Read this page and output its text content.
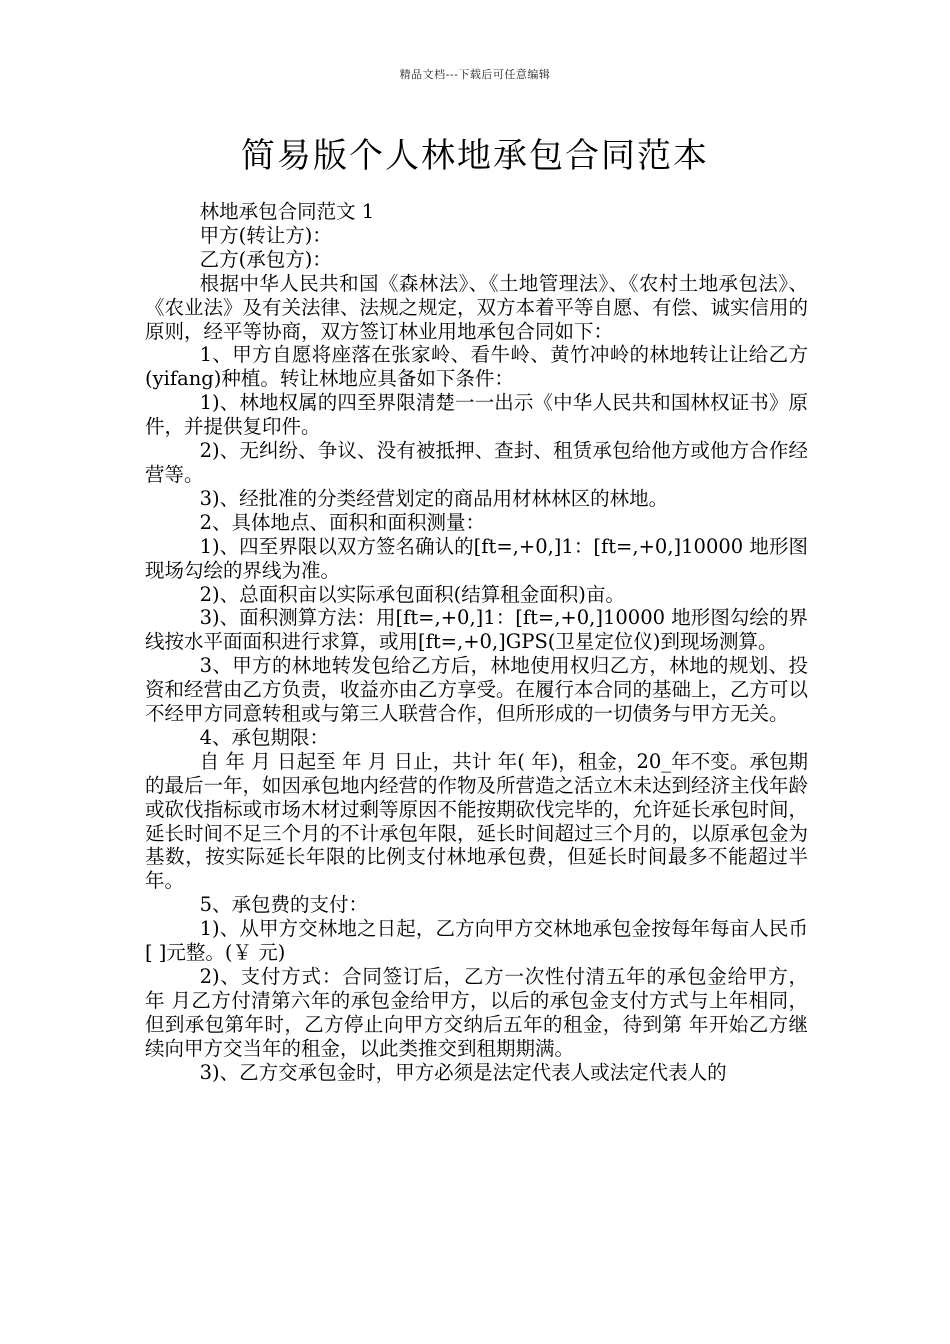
精品文档---下载后可任意编辑
简易版个人林地承包合同范本

林地承包合同范文 1

甲方(转让方)：

乙方(承包方)：

根据中华人民共和国《森林法》、《土地管理法》、《农村土地承包法》、《农业法》及有关法律、法规之规定，双方本着平等自愿、有偿、诚实信用的原则，经平等协商，双方签订林业用地承包合同如下：

1、甲方自愿将座落在张家岭、看牛岭、黄竹冲岭的林地转让让给乙方(yifang)种植。转让林地应具备如下条件：

1)、林地权属的四至界限清楚一一出示《中华人民共和国林权证书》原件，并提供复印件。

2)、无纠纷、争议、没有被抵押、查封、租赁承包给他方或他方合作经营等。

3)、经批准的分类经营划定的商品用材林林区的林地。

2、具体地点、面积和面积测量：

1)、四至界限以双方签名确认的[ft=,+0,]1：[ft=,+0,]10000 地形图现场勾绘的界线为准。

2)、总面积亩以实际承包面积(结算租金面积)亩。

3)、面积测算方法：用[ft=,+0,]1：[ft=,+0,]10000 地形图勾绘的界线按水平面面积进行求算，或用[ft=,+0,]GPS(卫星定位仪)到现场测算。

3、甲方的林地转发包给乙方后，林地使用权归乙方，林地的规划、投资和经营由乙方负责，收益亦由乙方享受。在履行本合同的基础上，乙方可以不经甲方同意转租或与第三人联营合作，但所形成的一切债务与甲方无关。

4、承包期限：

自 年 月 日起至 年 月 日止，共计 年( 年)，租金，20_年不变。承包期的最后一年，如因承包地内经营的作物及所营造之活立木未达到经济主伐年龄或砍伐指标或市场木材过剩等原因不能按期砍伐完毕的，允许延长承包时间，延长时间不足三个月的不计承包年限，延长时间超过三个月的，以原承包金为基数，按实际延长年限的比例支付林地承包费，但延长时间最多不能超过半年。

5、承包费的支付：

1)、从甲方交林地之日起，乙方向甲方交林地承包金按每年每亩人民币[ ]元整。(￥ 元)

2)、支付方式：合同签订后，乙方一次性付清五年的承包金给甲方， 年 月乙方付清第六年的承包金给甲方，以后的承包金支付方式与上年相同，但到承包第年时，乙方停止向甲方交纳后五年的租金，待到第 年开始乙方继续向甲方交当年的租金，以此类推交到租期期满。

3)、乙方交承包金时，甲方必须是法定代表人或法定代表人的
